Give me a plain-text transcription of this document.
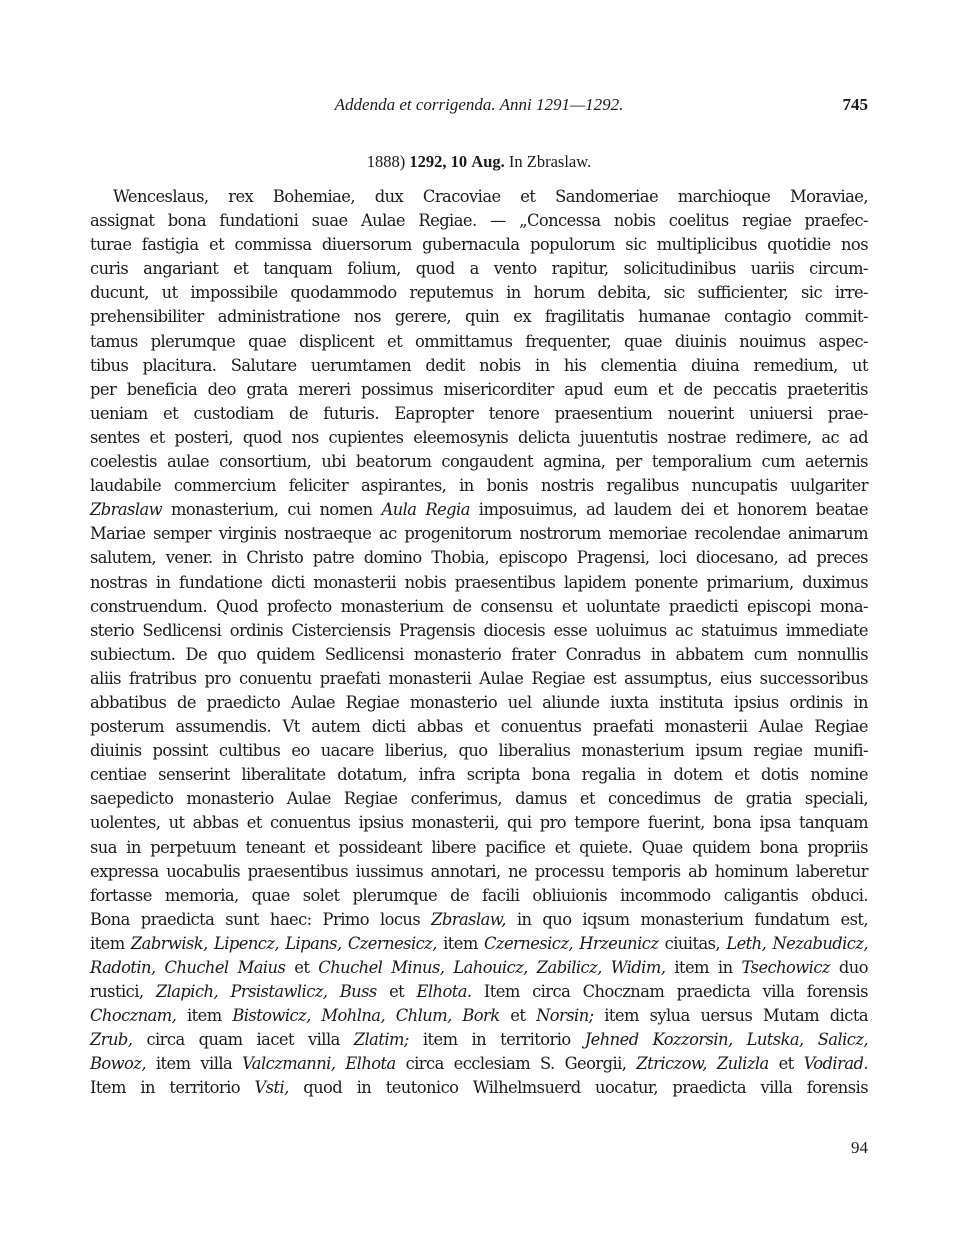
Addenda et corrigenda. Anni 1291—1292.	745
1888) 1292, 10 Aug. In Zbraslaw.
Wenceslaus, rex Bohemiae, dux Cracoviae et Sandomeriae marchioque Moraviae,
assignat bona fundationi suae Aulae Regiae. — „Concessa nobis coelitus regiae praefec-
turae fastigia et commissa diuersorum gubernacula populorum sic multiplicibus quotidie nos
curis angariant et tanquam folium, quod a vento rapitur, solicitudinibus uariis circum-
ducunt, ut impossibile quodammodo reputemus in horum debita, sic sufficienter, sic irre-
prehensibiliter administratione nos gerere, quin ex fragilitatis humanae contagio commit-
tamus plerumque quae displicent et ommittamus frequenter, quae diuinis nouimus aspec-
tibus placitura. Salutare uerumtamen dedit nobis in his clementia diuina remedium, ut
per beneficia deo grata mereri possimus misericorditer apud eum et de peccatis praeteritis
ueniam et custodiam de futuris. Eapropter tenore praesentium nouerint uniuersi prae-
sentes et posteri, quod nos cupientes eleemosynis delicta juuentutis nostrae redimere, ac ad
coelestis aulae consortium, ubi beatorum congaudent agmina, per temporalium cum aeternis
laudabile commercium feliciter aspirantes, in bonis nostris regalibus nuncupatis uulgariter
Zbraslaw monasterium, cui nomen Aula Regia imposuimus, ad laudem dei et honorem beatae
Mariae semper virginis nostraeque ac progenitorum nostrorum memoriae recolendae animarum
salutem, vener. in Christo patre domino Thobia, episcopo Pragensi, loci diocesano, ad preces
nostras in fundatione dicti monasterii nobis praesentibus lapidem ponente primarium, duximus
construendum. Quod profecto monasterium de consensu et uoluntate praedicti episcopi mona-
sterio Sedlicensi ordinis Cisterciensis Pragensis diocesis esse uoluimus ac statuimus immediate
subiectum. De quo quidem Sedlicensi monasterio frater Conradus in abbatem cum nonnullis
aliis fratribus pro conuentu praefati monasterii Aulae Regiae est assumptus, eius successoribus
abbatibus de praedicto Aulae Regiae monasterio uel aliunde iuxta instituta ipsius ordinis in
posterum assumendis. Vt autem dicti abbas et conuentus praefati monasterii Aulae Regiae
diuinis possint cultibus eo uacare liberius, quo liberalius monasterium ipsum regiae munifi-
centiae senserint liberalitate dotatum, infra scripta bona regalia in dotem et dotis nomine
saepedicto monasterio Aulae Regiae conferimus, damus et concedimus de gratia speciali,
uolentes, ut abbas et conuentus ipsius monasterii, qui pro tempore fuerint, bona ipsa tanquam
sua in perpetuum teneant et possideant libere pacifice et quiete. Quae quidem bona propriis
expressa uocabulis praesentibus iussimus annotari, ne processu temporis ab hominum laberetur
fortasse memoria, quae solet plerumque de facili obliuionis incommodo caligantis obduci.
Bona praedicta sunt haec: Primo locus Zbraslaw, in quo iqsum monasterium fundatum est,
item Zabrwisk, Lipencz, Lipans, Czernesicz, item Czernesicz, Hrzeunicz ciuitas, Leth, Nezabudicz,
Radotin, Chuchel Maius et Chuchel Minus, Lahouicz, Zabilicz, Widim, item in Tsechowicz duo
rustici, Zlapich, Prsistawlicz, Buss et Elhota. Item circa Chocznam praedicta villa forensis
Chocznam, item Bistowicz, Mohlna, Chlum, Bork et Norsin; item sylua uersus Mutam dicta
Zrub, circa quam iacet villa Zlatim; item in territorio Jehned Kozzorsin, Lutska, Salicz,
Bowoz, item villa Valczmanni, Elhota circa ecclesiam S. Georgii, Ztriczow, Zulizla et Vodirad.
Item in territorio Vsti, quod in teutonico Wilhelmsuerd uocatur, praedicta villa forensis
94
